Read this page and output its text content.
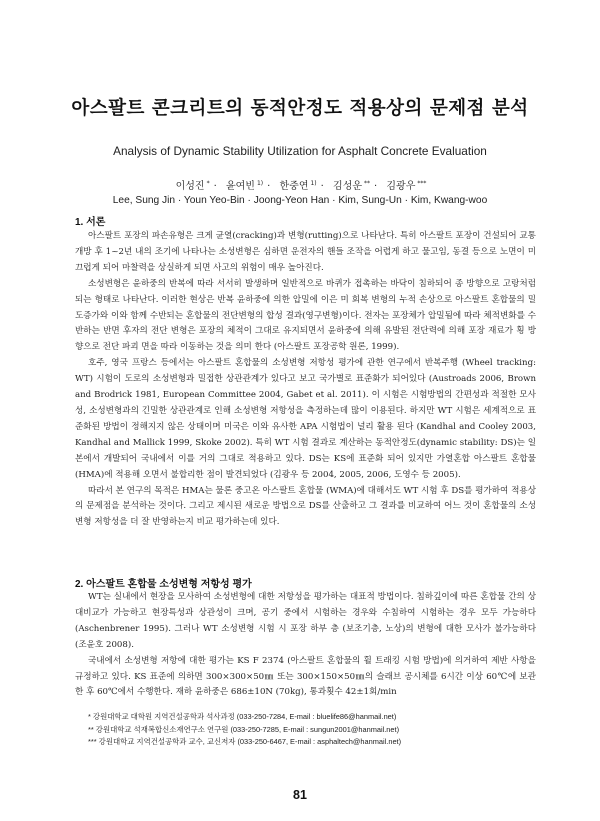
아스팔트 콘크리트의 동적안정도 적용상의 문제점 분석
Analysis of Dynamic Stability Utilization for Asphalt Concrete Evaluation
이성진 * · 윤여빈 $^{1)}$ · 한중연 $^{1)}$ · 김성운 ** · 김광우 ***
Lee, Sung Jin · Youn Yeo-Bin · Joong-Yeon Han · Kim, Sung-Un · Kim, Kwang-woo
1. 서론

아스팔트 포장의 파손유형은 크게 균열(cracking)과 변형(rutting)으로 나타난다. 특히 아스팔트 포장이 건설되어 교통개방 후 1~2년 내의 조기에 나타나는 소성변형은 심하면 운전자의 핸들 조작을 어렵게 하고 물고임, 동결 등으로 노면이 미끄럽게 되어 마찰력을 상실하게 되면 사고의 위험이 매우 높아진다.

소성변형은 윤하중의 반복에 따라 서서히 발생하며 일반적으로 바퀴가 접촉하는 바닥이 침하되어 종 방향으로 고랑처럼 되는 형태로 나타난다. 이러한 현상은 반복 윤하중에 의한 압밀에 이은 미 회복 변형의 누적 손상으로 아스팔트 혼합물의 밀도증가와 이와 함께 수반되는 혼합물의 전단변형의 합성 결과(영구변형)이다. 전자는 포장체가 압밀됨에 따라 체적변화를 수반하는 반면 후자의 전단 변형은 포장의 체적이 그대로 유지되면서 윤하중에 의해 유발된 전단력에 의해 포장 재료가 횡 방향으로 전단 파괴 면을 따라 이동하는 것을 의미 한다 (아스팔트 포장공학 원론, 1999).

호주, 영국 프랑스 등에서는 아스팔트 혼합물의 소성변형 저항성 평가에 관한 연구에서 반복주행 (Wheel tracking: WT) 시험이 도로의 소성변형과 밀접한 상관관계가 있다고 보고 국가별로 표준화가 되어있다 (Austroads 2006, Brown and Brodrick 1981, European Committee 2004, Gabet et al. 2011). 이 시험은 시험방법의 간편성과 적절한 모사성, 소성변형과의 긴밀한 상관관계로 인해 소성변형 저항성을 측정하는데 많이 이용된다. 하지만 WT 시험은 세계적으로 표준화된 방법이 정해지지 않은 상태이며 미국은 이와 유사한 APA 시험법이 널리 활용 된다 (Kandhal and Cooley 2003, Kandhal and Mallick 1999, Skoke 2002). 특히 WT 시험 결과로 계산하는 동적안정도(dynamic stability: DS)는 일본에서 개발되어 국내에서 이를 거의 그대로 적용하고 있다. DS는 KS에 표준화 되어 있지만 가열혼합 아스팔트 혼합물 (HMA)에 적용해 오면서 불합리한 점이 발견되었다 (김광우 등 2004, 2005, 2006, 도영수 등 2005).

따라서 본 연구의 목적은 HMA는 물론 중고온 아스팔트 혼합물 (WMA)에 대해서도 WT 시험 후 DS를 평가하여 적용상의 문제점을 분석하는 것이다. 그리고 제시된 새로운 방법으로 DS를 산출하고 그 결과를 비교하여 어느 것이 혼합물의 소성변형 저항성을 더 잘 반영하는지 비교 평가하는데 있다.

2. 아스팔트 혼합물 소성변형 저항성 평가

WT는 실내에서 현장을 모사하여 소성변형에 대한 저항성을 평가하는 대표적 방법이다. 침하깊이에 따른 혼합물 간의 상대비교가 가능하고 현장특성과 상관성이 크며, 공기 중에서 시험하는 경우와 수침하여 시험하는 경우 모두 가능하다 (Aschenbrener 1995). 그러나 WT 소성변형 시험 시 포장 하부 층 (보조기층, 노상)의 변형에 대한 모사가 불가능하다 (조윤호 2008).

국내에서 소성변형 저항에 대한 평가는 KS F 2374 (아스팔트 혼합물의 휠 트래킹 시험 방법)에 의거하여 제반 사항을 규정하고 있다. KS 표준에 의하면 300×300×50㎜ 또는 300×150×50㎜의 슬래브 공시체를 6시간 이상 60℃에 보관 한 후 60℃에서 수행한다. 재하 윤하중은 686±10N (70kg), 통과횟수 42±1회/min

* 강원대학교 대학원 지역건설공학과 석사과정 (033-250-7284, E-mail : bluelife86@hanmail.net)
** 강원대학교 석재복합신소재연구소 연구원 (033-250-7285, E-mail : sungun2001@hanmail.net)
*** 강원대학교 지역건설공학과 교수, 교신저자 (033-250-6467, E-mail : asphaltech@hanmail.net)
81
